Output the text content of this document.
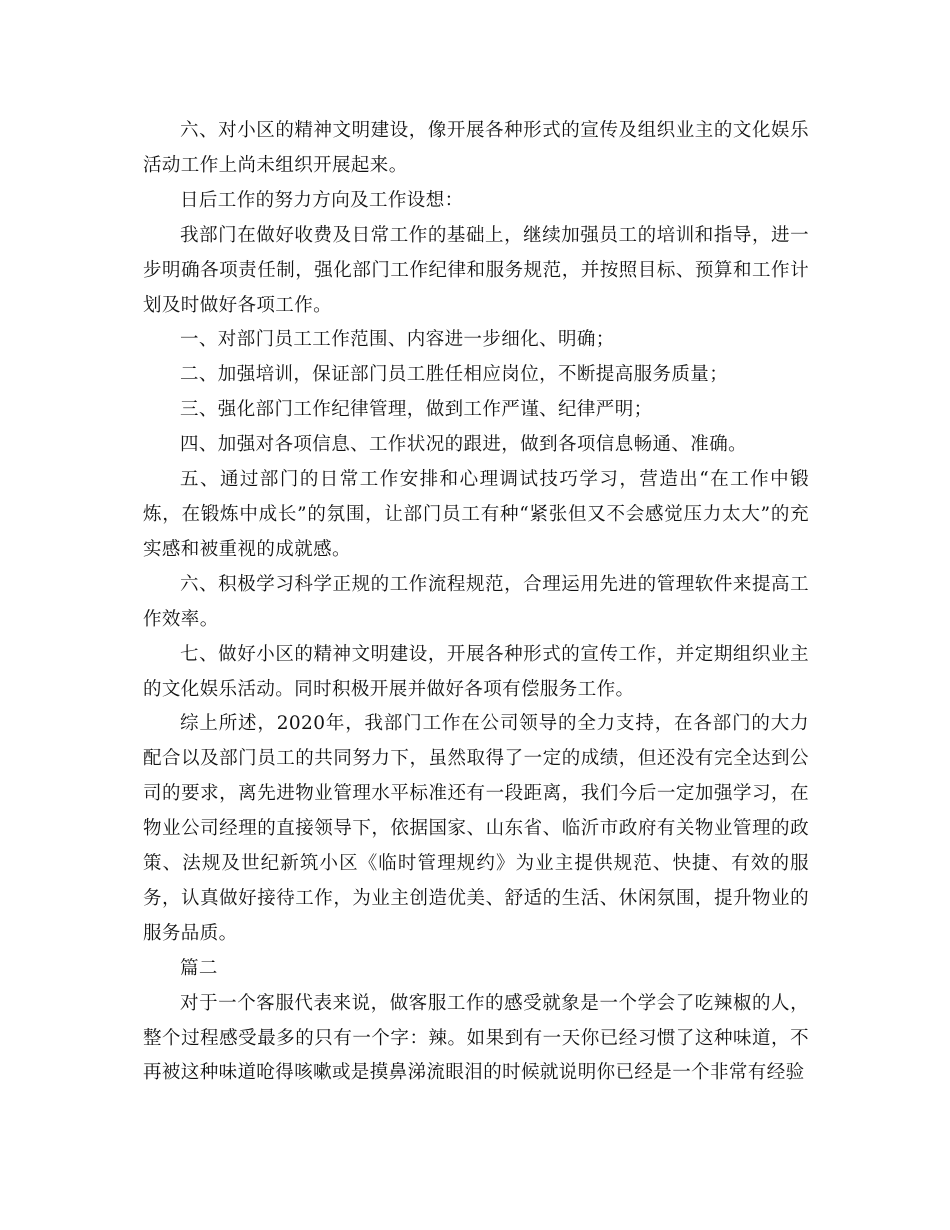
六、对小区的精神文明建设，像开展各种形式的宣传及组织业主的文化娱乐活动工作上尚未组织开展起来。

日后工作的努力方向及工作设想：

我部门在做好收费及日常工作的基础上，继续加强员工的培训和指导，进一步明确各项责任制，强化部门工作纪律和服务规范，并按照目标、预算和工作计划及时做好各项工作。

一、对部门员工工作范围、内容进一步细化、明确；

二、加强培训，保证部门员工胜任相应岗位，不断提高服务质量；

三、强化部门工作纪律管理，做到工作严谨、纪律严明；

四、加强对各项信息、工作状况的跟进，做到各项信息畅通、准确。

五、通过部门的日常工作安排和心理调试技巧学习，营造出“在工作中锻炼，在锻炼中成长”的氛围，让部门员工有种“紧张但又不会感觉压力太大”的充实感和被重视的成就感。

六、积极学习科学正规的工作流程规范，合理运用先进的管理软件来提高工作效率。

七、做好小区的精神文明建设，开展各种形式的宣传工作，并定期组织业主的文化娱乐活动。同时积极开展并做好各项有偿服务工作。

综上所述，2020年，我部门工作在公司领导的全力支持，在各部门的大力配合以及部门员工的共同努力下，虽然取得了一定的成绩，但还没有完全达到公司的要求，离先进物业管理水平标准还有一段距离，我们今后一定加强学习，在物业公司经理的直接领导下，依据国家、山东省、临沂市政府有关物业管理的政策、法规及世纪新筑小区《临时管理规约》为业主提供规范、快捷、有效的服务，认真做好接待工作，为业主创造优美、舒适的生活、休闲氛围，提升物业的服务品质。

篇二

对于一个客服代表来说，做客服工作的感受就象是一个学会了吃辣椒的人，整个过程感受最多的只有一个字：辣。如果到有一天你已经习惯了这种味道，不再被这种味道呛得咳嗽或是摸鼻涕流眼泪的时候就说明你已经是一个非常有经验
